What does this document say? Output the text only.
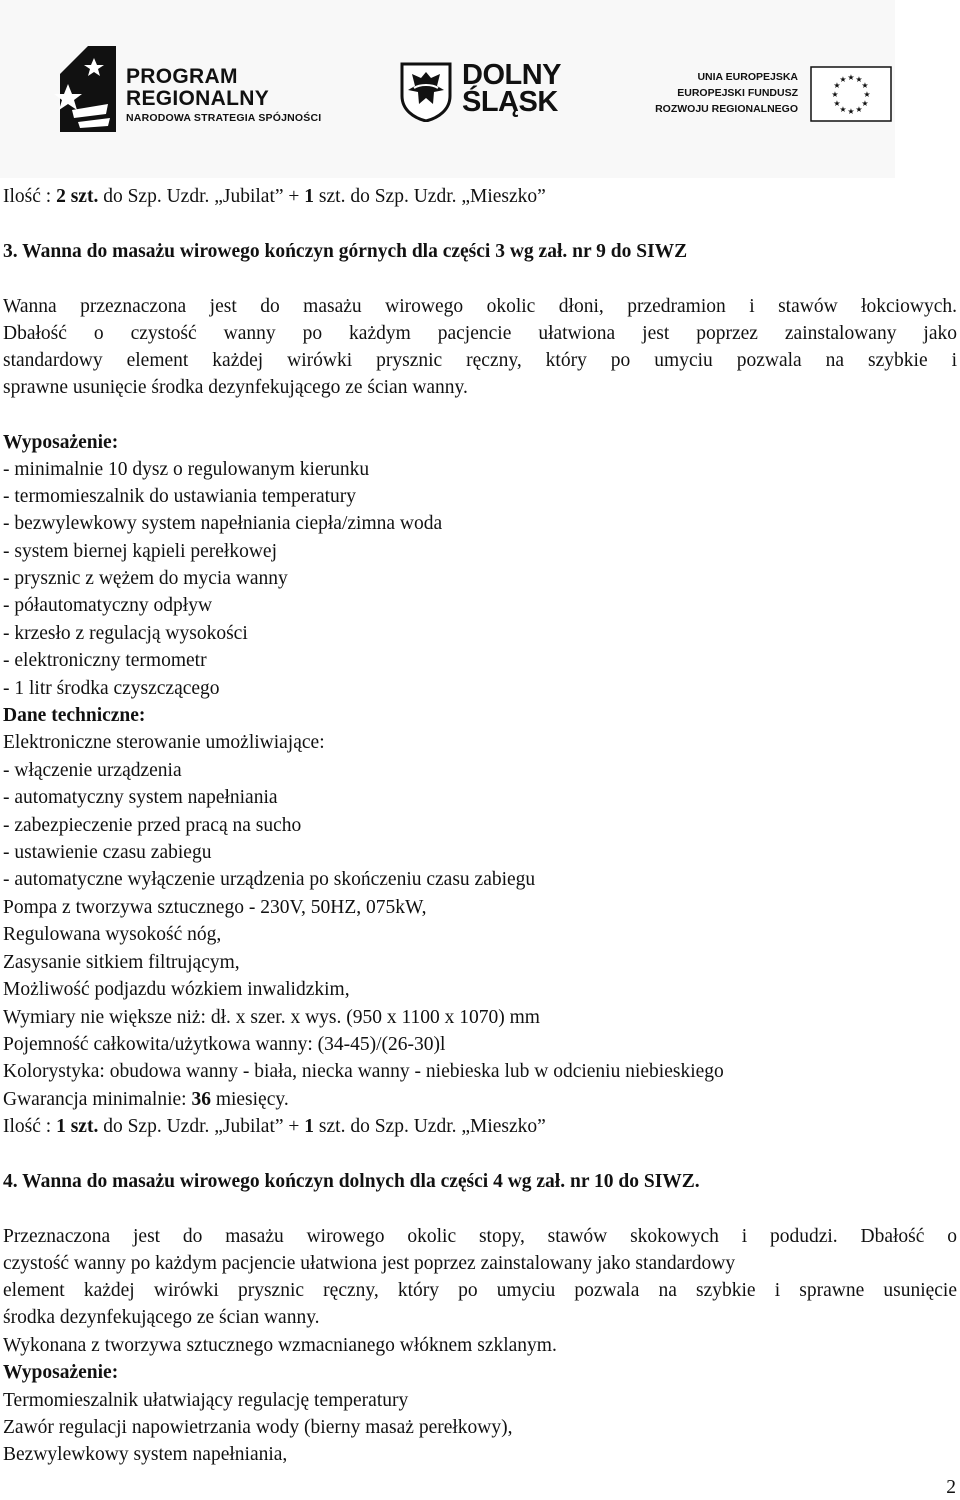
PROGRAM
REGIONALNY
NARODOWA STRATEGIA SPÓJNOŚCI
DOLNY
ŚLĄSK
UNIA EUROPEJSKA
EUROPEJSKI FUNDUSZ
ROZWOJU REGIONALNEGO
★ ★
★
★
★
★
★
★
★
★
★
★
Ilość : 2 szt. do Szp. Uzdr. „Jubilat” + 1 szt. do Szp. Uzdr. „Mieszko”
3. Wanna do masażu wirowego kończyn górnych dla części 3 wg zał. nr 9 do SIWZ
Wanna przeznaczona jest do masażu wirowego okolic dłoni, przedramion i stawów łokciowych.
Dbałość o czystość wanny po każdym pacjencie ułatwiona jest poprzez zainstalowany jako
standardowy element każdej wirówki prysznic ręczny, który po umyciu pozwala na szybkie i
sprawne usunięcie środka dezynfekującego ze ścian wanny.
Wyposażenie:
- minimalnie 10 dysz o regulowanym kierunku
- termomieszalnik do ustawiania temperatury
- bezwylewkowy system napełniania ciepła/zimna woda
- system biernej kąpieli perełkowej
- prysznic z wężem do mycia wanny
- półautomatyczny odpływ
- krzesło z regulacją wysokości
- elektroniczny termometr
- 1 litr środka czyszczącego
Dane techniczne:
Elektroniczne sterowanie umożliwiające:
- włączenie urządzenia
- automatyczny system napełniania
- zabezpieczenie przed pracą na sucho
- ustawienie czasu zabiegu
- automatyczne wyłączenie urządzenia po skończeniu czasu zabiegu
Pompa z tworzywa sztucznego - 230V, 50HZ, 075kW,
Regulowana wysokość nóg,
Zasysanie sitkiem filtrującym,
Możliwość podjazdu wózkiem inwalidzkim,
Wymiary nie większe niż: dł. x szer. x wys. (950 x 1100 x 1070) mm
Pojemność całkowita/użytkowa wanny: (34-45)/(26-30)l
Kolorystyka: obudowa wanny - biała, niecka wanny - niebieska lub w odcieniu niebieskiego
Gwarancja minimalnie: 36 miesięcy.
Ilość : 1 szt. do Szp. Uzdr. „Jubilat” + 1 szt. do Szp. Uzdr. „Mieszko”
4. Wanna do masażu wirowego kończyn dolnych dla części 4 wg zał. nr 10 do SIWZ.
Przeznaczona jest do masażu wirowego okolic stopy, stawów skokowych i podudzi. Dbałość o
czystość wanny po każdym pacjencie ułatwiona jest poprzez zainstalowany jako standardowy
element każdej wirówki prysznic ręczny, który po umyciu pozwala na szybkie i sprawne usunięcie
środka dezynfekującego ze ścian wanny.
Wykonana z tworzywa sztucznego wzmacnianego włóknem szklanym.
Wyposażenie:
Termomieszalnik ułatwiający regulację temperatury
Zawór regulacji napowietrzania wody (bierny masaż perełkowy),
Bezwylewkowy system napełniania,
2
